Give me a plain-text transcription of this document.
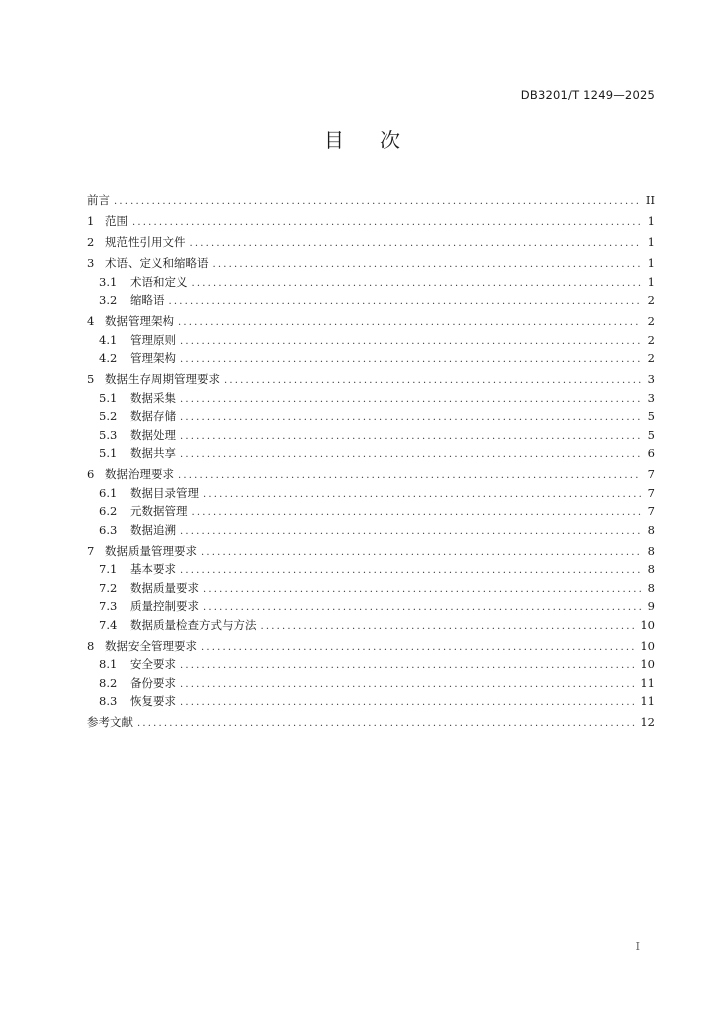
DB3201/T 1249—2025
目 次
前言 .....	II
1 范围 .....	1
2 规范性引用文件 .....	1
3 术语、定义和缩略语 .....	1
3.1	术语和定义 .....	1
3.2	缩略语 .....	2
4 数据管理架构 .....	2
4.1	管理原则 .....	2
4.2	管理架构 .....	2
5 数据生存周期管理要求 .....	3
5.1	数据采集 .....	3
5.2	数据存储 .....	5
5.3	数据处理 .....	5
5.1	数据共享 .....	6
6 数据治理要求 .....	7
6.1	数据目录管理 .....	7
6.2	元数据管理 .....	7
6.3	数据追溯 .....	8
7 数据质量管理要求 .....	8
7.1	基本要求 .....	8
7.2	数据质量要求 .....	8
7.3	质量控制要求 .....	9
7.4	数据质量检查方式与方法 .....	10
8 数据安全管理要求 .....	10
8.1	安全要求 .....	10
8.2	备份要求 .....	11
8.3	恢复要求 .....	11
参考文献 .....	12
I
